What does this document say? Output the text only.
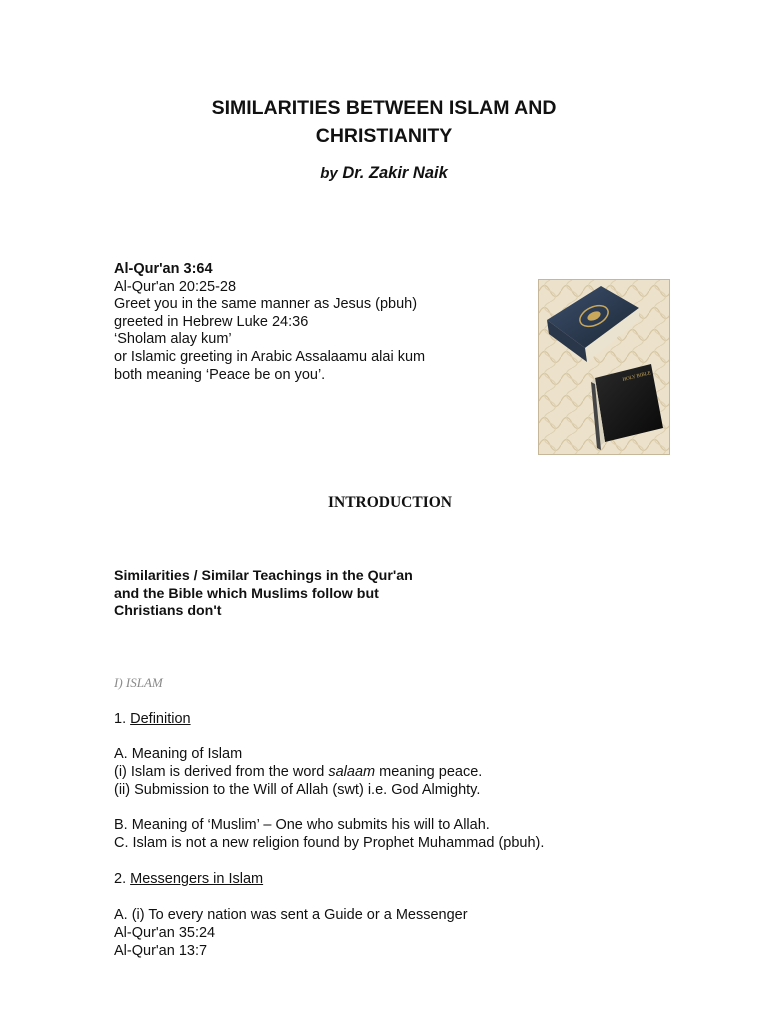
SIMILARITIES BETWEEN ISLAM AND
CHRISTIANITY
by Dr. Zakir Naik
Al-Qur'an 3:64
Al-Qur'an 20:25-28
Greet you in the same manner as Jesus (pbuh)
greeted in Hebrew Luke 24:36
‘Sholam alay kum’
or Islamic greeting in Arabic Assalaamu alai kum
both meaning ‘Peace be on you’.	HOLY BIBLE
INTRODUCTION
Similarities / Similar Teachings in the Qur'an
and the Bible which Muslims follow but
Christians don't
I) ISLAM
1. Definition
A. Meaning of Islam
(i) Islam is derived from the word salaam meaning peace.
(ii) Submission to the Will of Allah (swt) i.e. God Almighty.
B. Meaning of ‘Muslim’ – One who submits his will to Allah.
C. Islam is not a new religion found by Prophet Muhammad (pbuh).
2. Messengers in Islam
A. (i) To every nation was sent a Guide or a Messenger
Al-Qur'an 35:24
Al-Qur'an 13:7
